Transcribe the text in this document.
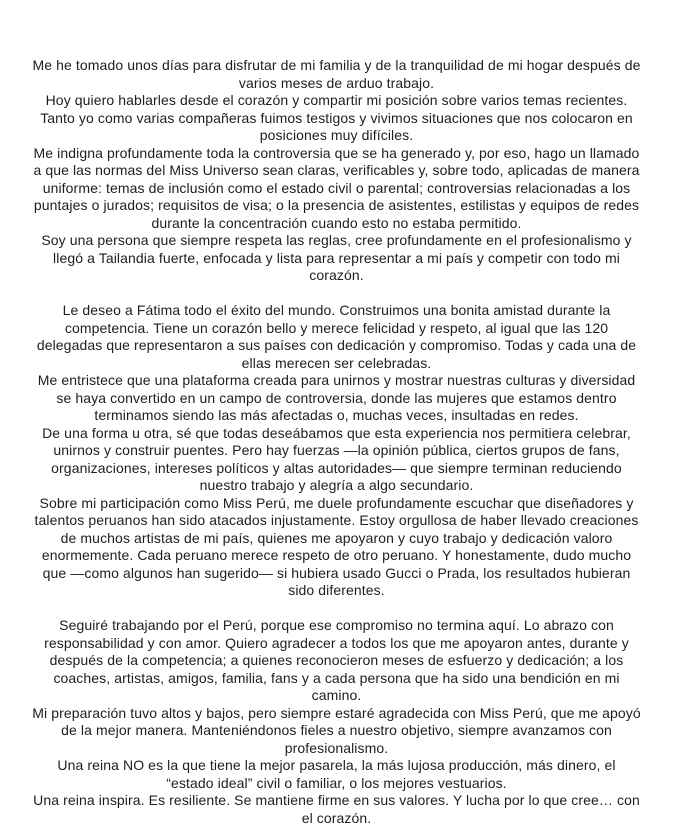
Me he tomado unos días para disfrutar de mi familia y de la tranquilidad de mi hogar después de varios meses de arduo trabajo.

Hoy quiero hablarles desde el corazón y compartir mi posición sobre varios temas recientes.

Tanto yo como varias compañeras fuimos testigos y vivimos situaciones que nos colocaron en posiciones muy difíciles.

Me indigna profundamente toda la controversia que se ha generado y, por eso, hago un llamado a que las normas del Miss Universo sean claras, verificables y, sobre todo, aplicadas de manera uniforme: temas de inclusión como el estado civil o parental; controversias relacionadas a los puntajes o jurados; requisitos de visa; o la presencia de asistentes, estilistas y equipos de redes durante la concentración cuando esto no estaba permitido.

Soy una persona que siempre respeta las reglas, cree profundamente en el profesionalismo y llegó a Tailandia fuerte, enfocada y lista para representar a mi país y competir con todo mi corazón.

Le deseo a Fátima todo el éxito del mundo. Construimos una bonita amistad durante la competencia. Tiene un corazón bello y merece felicidad y respeto, al igual que las 120 delegadas que representaron a sus países con dedicación y compromiso. Todas y cada una de ellas merecen ser celebradas.

Me entristece que una plataforma creada para unirnos y mostrar nuestras culturas y diversidad se haya convertido en un campo de controversia, donde las mujeres que estamos dentro terminamos siendo las más afectadas o, muchas veces, insultadas en redes.

De una forma u otra, sé que todas deseábamos que esta experiencia nos permitiera celebrar, unirnos y construir puentes. Pero hay fuerzas —la opinión pública, ciertos grupos de fans, organizaciones, intereses políticos y altas autoridades— que siempre terminan reduciendo nuestro trabajo y alegría a algo secundario.

Sobre mi participación como Miss Perú, me duele profundamente escuchar que diseñadores y talentos peruanos han sido atacados injustamente. Estoy orgullosa de haber llevado creaciones de muchos artistas de mi país, quienes me apoyaron y cuyo trabajo y dedicación valoro enormemente. Cada peruano merece respeto de otro peruano. Y honestamente, dudo mucho que —como algunos han sugerido— si hubiera usado Gucci o Prada, los resultados hubieran sido diferentes.

Seguiré trabajando por el Perú, porque ese compromiso no termina aquí. Lo abrazo con responsabilidad y con amor. Quiero agradecer a todos los que me apoyaron antes, durante y después de la competencia; a quienes reconocieron meses de esfuerzo y dedicación; a los coaches, artistas, amigos, familia, fans y a cada persona que ha sido una bendición en mi camino.

Mi preparación tuvo altos y bajos, pero siempre estaré agradecida con Miss Perú, que me apoyó de la mejor manera. Manteniéndonos fieles a nuestro objetivo, siempre avanzamos con profesionalismo.

Una reina NO es la que tiene la mejor pasarela, la más lujosa producción, más dinero, el “estado ideal” civil o familiar, o los mejores vestuarios.

Una reina inspira. Es resiliente. Se mantiene firme en sus valores. Y lucha por lo que cree… con el corazón.
